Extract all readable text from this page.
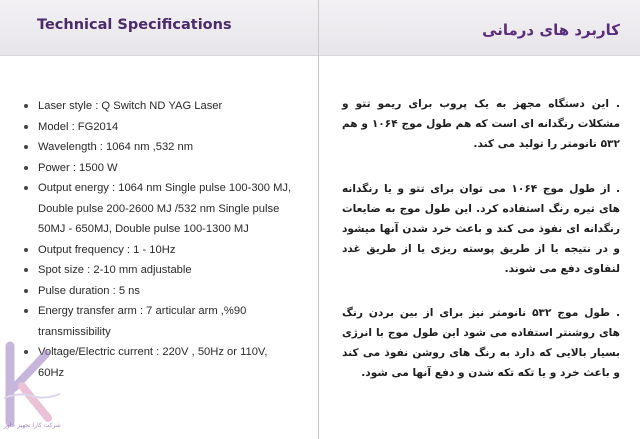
Technical Specifications	کاربرد های درمانی
Laser style : Q Switch ND YAG Laser
Model : FG2014
Wavelength : 1064 nm ,532 nm
Power : 1500 W
Output energy : 1064 nm Single pulse 100-300 MJ, Double pulse 200-2600 MJ /532 nm Single pulse 50MJ - 650MJ, Double pulse 100-1300 MJ
Output frequency : 1 - 10Hz
Spot size : 2-10 mm adjustable
Pulse duration : 5 ns
Energy transfer arm : 7 articular arm ,%90 transmissibility
Voltage/Electric current : 220V , 50Hz or 110V, 60Hz

. این دستگاه مجهز به یک پروب برای ریمو تتو و مشکلات رنگدانه ای است که هم طول موج ۱۰۶۴ و هم ۵۳۲ نانومتر را تولید می کند.

. از طول موج ۱۰۶۴ می توان برای تتو و یا رنگدانه های تیره رنگ استفاده کرد. این طول موج به ضایعات رنگدانه ای نفوذ می کند و باعث خرد شدن آنها میشود و در نتیجه یا از طریق پوسته ریزی یا از طریق غدد لنفاوی دفع می شوند.

. طول موج ۵۳۲ نانومتر نیز برای از بین بردن رنگ های روشنتر استفاده می شود این طول موج با انرژی بسیار بالایی که دارد به رنگ های روشن نفوذ می کند و باعث خرد و یا تکه تکه شدن و دفع آنها می شود.

شرکت کارا تجهیز خاور
